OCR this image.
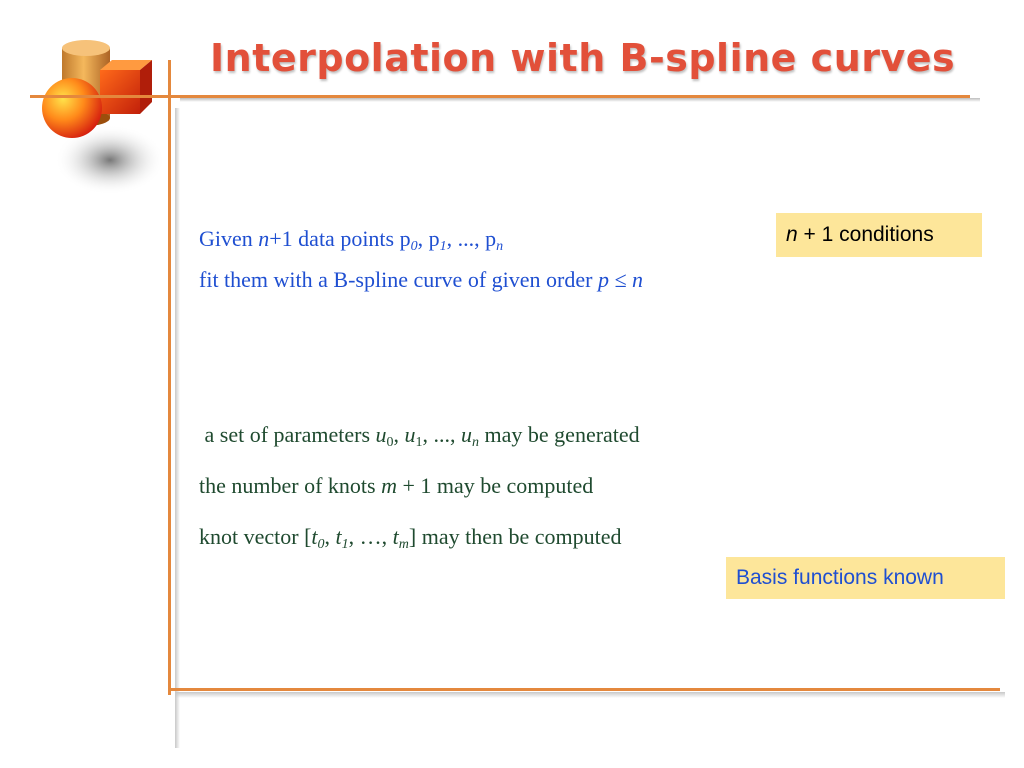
Interpolation with B-spline curves
Given n+1 data points $p_0$, $p_1$, ..., $p_n$
fit them with a B-spline curve of given order p ≤ n
n + 1 conditions
a set of parameters $u_0$, $u_1$, ..., $u_n$ may be generated
the number of knots m + 1 may be computed
knot vector [$t_0$, $t_1$, …, $t_m$] may then be computed
Basis functions known
